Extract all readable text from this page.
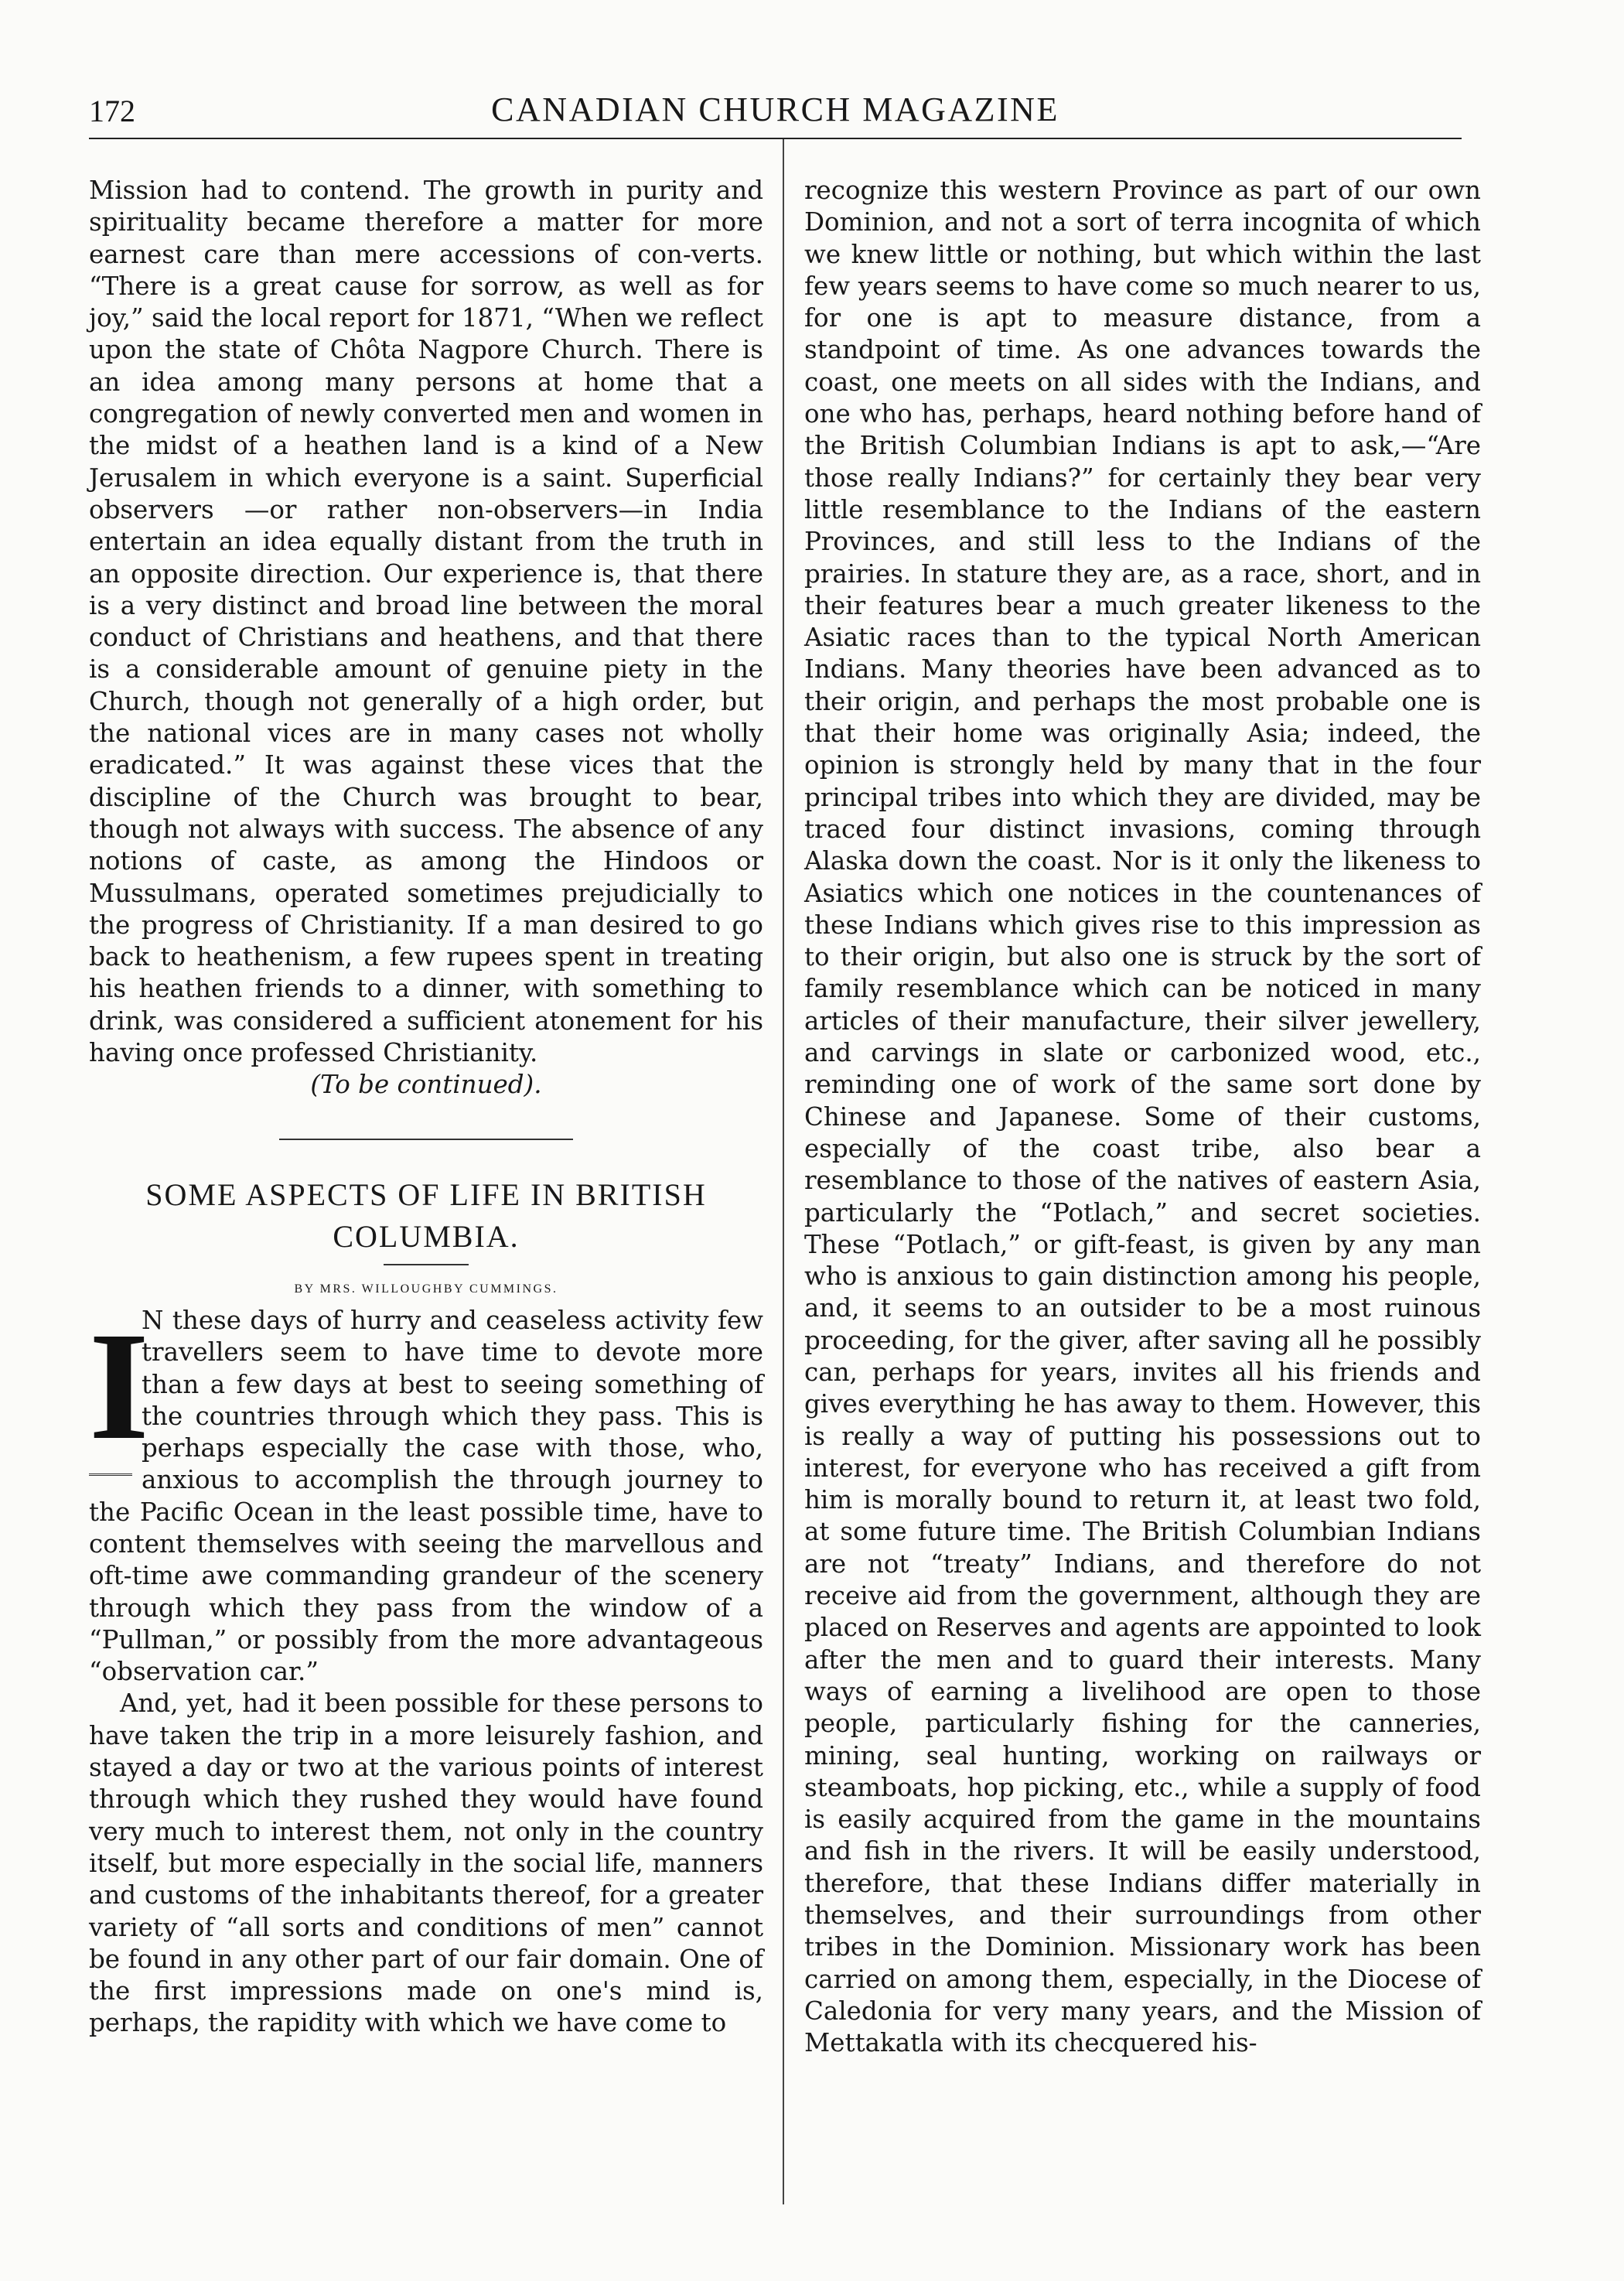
172	CANADIAN CHURCH MAGAZINE

Mission had to contend. The growth in purity and spirituality became therefore a matter for more earnest care than mere accessions of con-verts. “There is a great cause for sorrow, as well as for joy,” said the local report for 1871, “When we reflect upon the state of Chôta Nagpore Church. There is an idea among many persons at home that a congregation of newly converted men and women in the midst of a heathen land is a kind of a New Jerusalem in which everyone is a saint. Superficial observers —or rather non-observers—in India entertain an idea equally distant from the truth in an opposite direction. Our experience is, that there is a very distinct and broad line between the moral conduct of Christians and heathens, and that there is a considerable amount of genuine piety in the Church, though not generally of a high order, but the national vices are in many cases not wholly eradicated.” It was against these vices that the discipline of the Church was brought to bear, though not always with success. The absence of any notions of caste, as among the Hindoos or Mussulmans, operated sometimes prejudicially to the progress of Christianity. If a man desired to go back to heathenism, a few rupees spent in treating his heathen friends to a dinner, with something to drink, was considered a sufficient atonement for his having once professed Christianity.

(To be continued).

SOME ASPECTS OF LIFE IN BRITISH COLUMBIA.

BY MRS. WILLOUGHBY CUMMINGS.

I
N these days of hurry and ceaseless activity few travellers seem to have time to devote more than a few days at best to seeing something of the countries through which they pass. This is perhaps especially the case with those, who, anxious to accomplish the through journey to the Pacific Ocean in the least possible time, have to content themselves with seeing the marvellous and oft-time awe commanding grandeur of the scenery through which they pass from the window of a “Pullman,” or possibly from the more advantageous “observation car.”

And, yet, had it been possible for these persons to have taken the trip in a more leisurely fashion, and stayed a day or two at the various points of interest through which they rushed they would have found very much to interest them, not only in the country itself, but more especially in the social life, manners and customs of the inhabitants thereof, for a greater variety of “all sorts and conditions of men” cannot be found in any other part of our fair domain. One of the first impressions made on one's mind is, perhaps, the rapidity with which we have come to

recognize this western Province as part of our own Dominion, and not a sort of terra incognita of which we knew little or nothing, but which within the last few years seems to have come so much nearer to us, for one is apt to measure distance, from a standpoint of time. As one advances towards the coast, one meets on all sides with the Indians, and one who has, perhaps, heard nothing before hand of the British Columbian Indians is apt to ask,—“Are those really Indians?” for certainly they bear very little resemblance to the Indians of the eastern Provinces, and still less to the Indians of the prairies. In stature they are, as a race, short, and in their features bear a much greater likeness to the Asiatic races than to the typical North American Indians. Many theories have been advanced as to their origin, and perhaps the most probable one is that their home was originally Asia; indeed, the opinion is strongly held by many that in the four principal tribes into which they are divided, may be traced four distinct invasions, coming through Alaska down the coast. Nor is it only the likeness to Asiatics which one notices in the countenances of these Indians which gives rise to this impression as to their origin, but also one is struck by the sort of family resemblance which can be noticed in many articles of their manufacture, their silver jewellery, and carvings in slate or carbonized wood, etc., reminding one of work of the same sort done by Chinese and Japanese. Some of their customs, especially of the coast tribe, also bear a resemblance to those of the natives of eastern Asia, particularly the “Potlach,” and secret societies. These “Potlach,” or gift-feast, is given by any man who is anxious to gain distinction among his people, and, it seems to an outsider to be a most ruinous proceeding, for the giver, after saving all he possibly can, perhaps for years, invites all his friends and gives everything he has away to them. However, this is really a way of putting his possessions out to interest, for everyone who has received a gift from him is morally bound to return it, at least two fold, at some future time. The British Columbian Indians are not “treaty” Indians, and therefore do not receive aid from the government, although they are placed on Reserves and agents are appointed to look after the men and to guard their interests. Many ways of earning a livelihood are open to those people, particularly fishing for the canneries, mining, seal hunting, working on railways or steamboats, hop picking, etc., while a supply of food is easily acquired from the game in the mountains and fish in the rivers. It will be easily understood, therefore, that these Indians differ materially in themselves, and their surroundings from other tribes in the Dominion. Missionary work has been carried on among them, especially, in the Diocese of Caledonia for very many years, and the Mission of Mettakatla with its checquered his-
